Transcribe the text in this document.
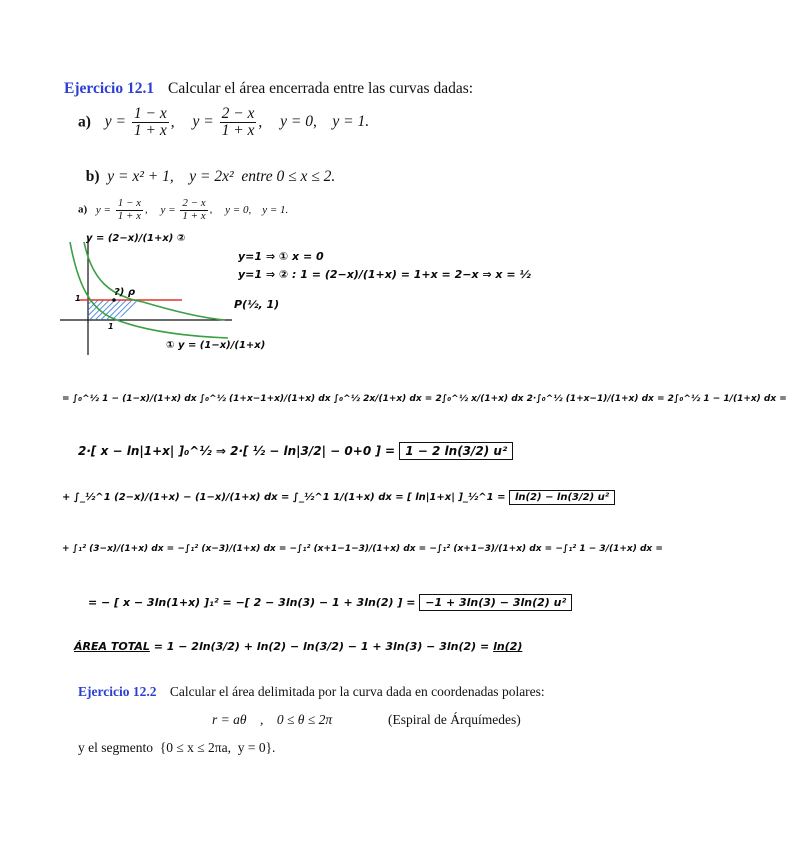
Ejercicio 12.1 Calcular el área encerrada entre las curvas dadas:
a) $y = \frac{1 - x}{1 + x}$ , $y = \frac{2 - x}{1 + x}$ , y = 0,    y = 1.

b) y = x² + 1,    y = 2x²  entre 0 ≤ x ≤ 2.

a) $y = \frac{1 - x}{1 + x}$ , $y = \frac{2 - x}{1 + x}$ , y = 0,    y = 1.
y = (2−x)/(1+x) ②
?) ρ
1
1
① y = (1−x)/(1+x)
y=1 ⇒ ① x = 0
y=1 ⇒ ② : 1 = (2−x)/(1+x) = 1+x = 2−x ⇒ x = ½
P(½, 1)
= ∫₀^½ 1 − (1−x)/(1+x) dx ∫₀^½ (1+x−1+x)/(1+x) dx ∫₀^½ 2x/(1+x) dx = 2∫₀^½ x/(1+x) dx 2·∫₀^½ (1+x−1)/(1+x) dx = 2∫₀^½ 1 − 1/(1+x) dx =
2·[ x − ln|1+x| ]₀^½ ⇒ 2·[ ½ − ln|3/2| − 0+0 ] = 1 − 2 ln(3/2) u²
+ ∫_½^1 (2−x)/(1+x) − (1−x)/(1+x) dx = ∫_½^1 1/(1+x) dx = [ ln|1+x| ]_½^1 = ln(2) − ln(3/2) u²
+ ∫₁² (3−x)/(1+x) dx = −∫₁² (x−3)/(1+x) dx = −∫₁² (x+1−1−3)/(1+x) dx = −∫₁² (x+1−3)/(1+x) dx = −∫₁² 1 − 3/(1+x) dx =
= − [ x − 3ln(1+x) ]₁² = −[ 2 − 3ln(3) − 1 + 3ln(2) ] = −1 + 3ln(3) − 3ln(2) u²
ÁREA TOTAL = 1 − 2ln(3/2) + ln(2) − ln(3/2) − 1 + 3ln(3) − 3ln(2) = ln(2)
Ejercicio 12.2 Calcular el área delimitada por la curva dada en coordenadas polares:
r = aθ    ,    0 ≤ θ ≤ 2π	(Espiral de Árquímedes)
y el segmento  {0 ≤ x ≤ 2πa,  y = 0}.
